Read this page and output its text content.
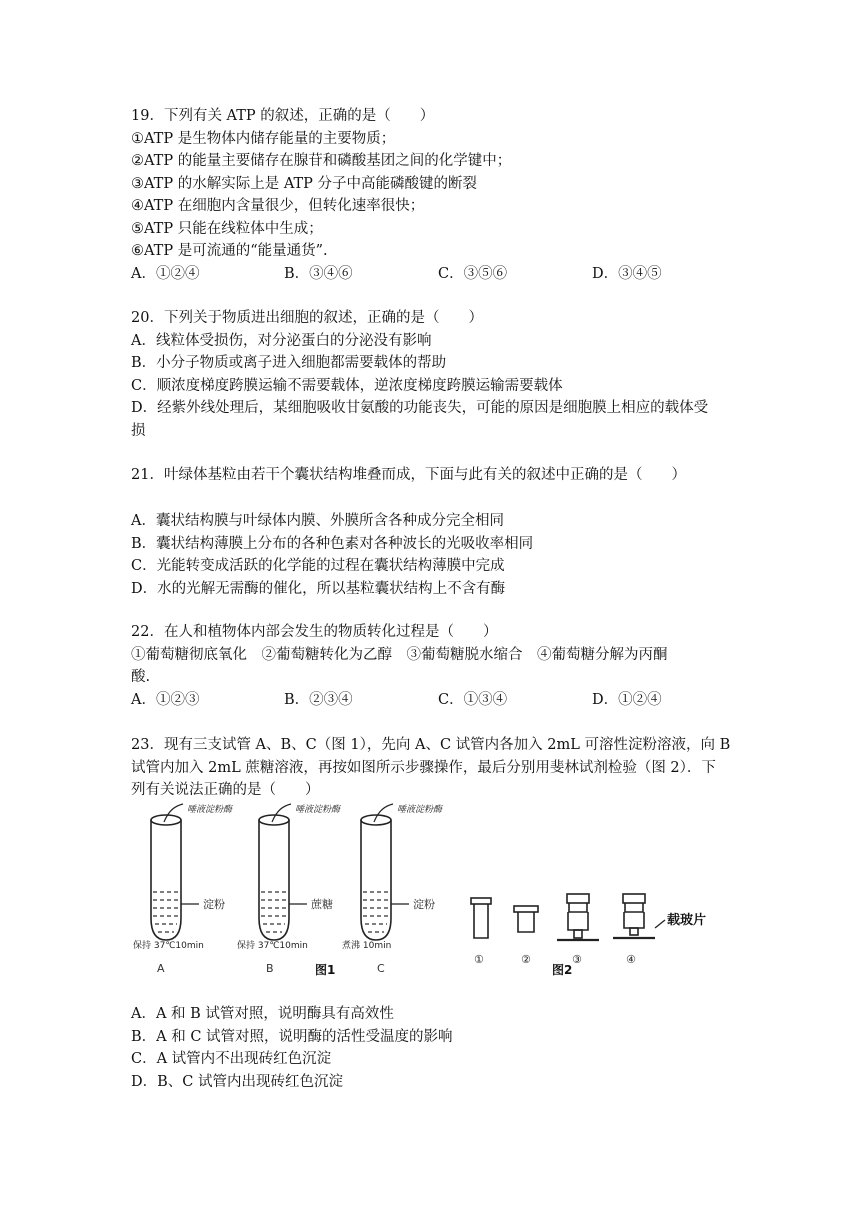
19．下列有关 ATP 的叙述，正确的是（　　）
①ATP 是生物体内储存能量的主要物质；
②ATP 的能量主要储存在腺苷和磷酸基团之间的化学键中；
③ATP 的水解实际上是 ATP 分子中高能磷酸键的断裂
④ATP 在细胞内含量很少，但转化速率很快；
⑤ATP 只能在线粒体中生成；
⑥ATP 是可流通的“能量通货”.
A．①②④	B．③④⑥	C．③⑤⑥	D．③④⑤
20．下列关于物质进出细胞的叙述，正确的是（　　）
A．线粒体受损伤，对分泌蛋白的分泌没有影响
B．小分子物质或离子进入细胞都需要载体的帮助
C．顺浓度梯度跨膜运输不需要载体，逆浓度梯度跨膜运输需要载体
D．经紫外线处理后，某细胞吸收甘氨酸的功能丧失，可能的原因是细胞膜上相应的载体受
损
21．叶绿体基粒由若干个囊状结构堆叠而成，下面与此有关的叙述中正确的是（　　）
A．囊状结构膜与叶绿体内膜、外膜所含各种成分完全相同
B．囊状结构薄膜上分布的各种色素对各种波长的光吸收率相同
C．光能转变成活跃的化学能的过程在囊状结构薄膜中完成
D．水的光解无需酶的催化，所以基粒囊状结构上不含有酶
22．在人和植物体内部会发生的物质转化过程是（　　）
①葡萄糖彻底氧化　②葡萄糖转化为乙醇　③葡萄糖脱水缩合　④葡萄糖分解为丙酮
酸.
A．①②③	B．②③④	C．①③④	D．①②④
23．现有三支试管 A、B、C（图 1），先向 A、C 试管内各加入 2mL 可溶性淀粉溶液，向 B
试管内加入 2mL 蔗糖溶液，再按如图所示步骤操作，最后分别用斐林试剂检验（图 2）．下
列有关说法正确的是（　　）
唾液淀粉酶	唾液淀粉酶	唾液淀粉酶
淀粉	蔗糖	淀粉
保持 37℃10min	保持 37℃10min	煮沸 10min
A	B	C
图1	图2
①	②	③	④
载玻片
A．A 和 B 试管对照，说明酶具有高效性
B．A 和 C 试管对照，说明酶的活性受温度的影响
C．A 试管内不出现砖红色沉淀
D．B、C 试管内出现砖红色沉淀
